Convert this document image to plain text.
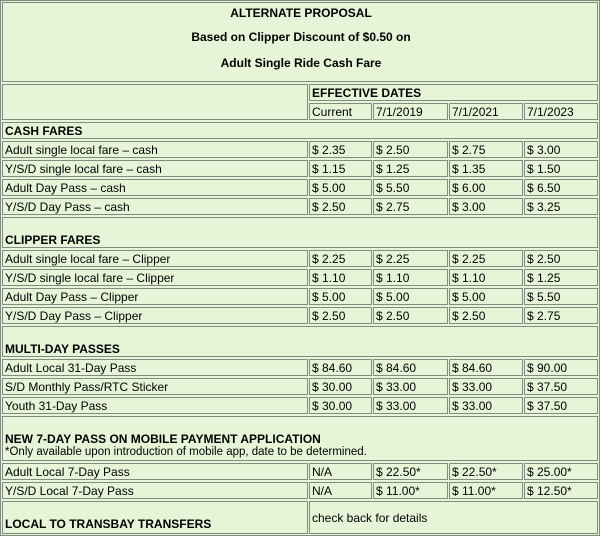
ALTERNATE PROPOSAL
Based on Clipper Discount of $0.50 on
Adult Single Ride Cash Fare
EFFECTIVE DATES
Current	7/1/2019	7/1/2021	7/1/2023
CASH FARES
Adult single local fare – cash	$ 2.35	$ 2.50	$ 2.75	$ 3.00
Y/S/D single local fare – cash	$ 1.15	$ 1.25	$ 1.35	$ 1.50
Adult Day Pass – cash	$ 5.00	$ 5.50	$ 6.00	$ 6.50
Y/S/D Day Pass – cash	$ 2.50	$ 2.75	$ 3.00	$ 3.25
CLIPPER FARES
Adult single local fare – Clipper	$ 2.25	$ 2.25	$ 2.25	$ 2.50
Y/S/D single local fare – Clipper	$ 1.10	$ 1.10	$ 1.10	$ 1.25
Adult Day Pass – Clipper	$ 5.00	$ 5.00	$ 5.00	$ 5.50
Y/S/D Day Pass – Clipper	$ 2.50	$ 2.50	$ 2.50	$ 2.75
MULTI-DAY PASSES
Adult Local 31-Day Pass	$ 84.60	$ 84.60	$ 84.60	$ 90.00
S/D Monthly Pass/RTC Sticker	$ 30.00	$ 33.00	$ 33.00	$ 37.50
Youth 31-Day Pass	$ 30.00	$ 33.00	$ 33.00	$ 37.50
NEW 7-DAY PASS ON MOBILE PAYMENT APPLICATION
*Only available upon introduction of mobile app, date to be determined.
Adult Local 7-Day Pass	N/A	$ 22.50*	$ 22.50*	$ 25.00*
Y/S/D Local 7-Day Pass	N/A	$ 11.00*	$ 11.00*	$ 12.50*
LOCAL TO TRANSBAY TRANSFERS	check back for details
